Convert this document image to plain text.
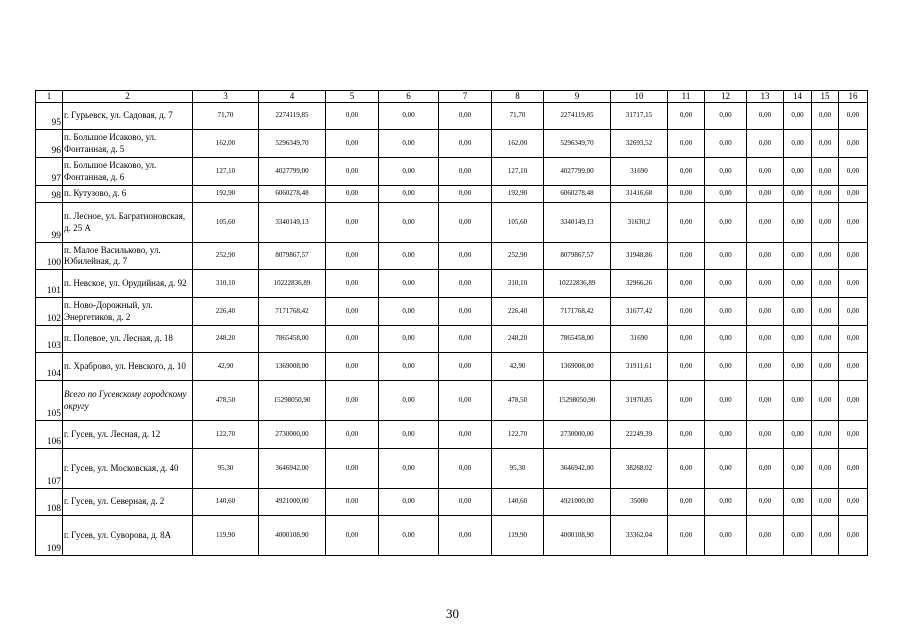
1	2	3	4	5	6	7	8	9	10	11	12	13	14	15	16
95	г. Гурьевск, ул. Садовая, д. 7	71,70	2274119,85	0,00	0,00	0,00	71,70	2274119,85	31717,15	0,00	0,00	0,00	0,00	0,00	0,00
96	п. Большое Исаково, ул. Фонтанная, д. 5	162,00	5296349,70	0,00	0,00	0,00	162,00	5296349,70	32693,52	0,00	0,00	0,00	0,00	0,00	0,00
97	п. Большое Исаково, ул. Фонтанная, д. 6	127,10	4027799,00	0,00	0,00	0,00	127,10	4027799,00	31690	0,00	0,00	0,00	0,00	0,00	0,00
98	п. Кутузово, д. 6	192,90	6060278,48	0,00	0,00	0,00	192,90	6060278,48	31416,68	0,00	0,00	0,00	0,00	0,00	0,00
99	п. Лесное, ул. Багратионовская, д. 25 А	105,60	3340149,13	0,00	0,00	0,00	105,60	3340149,13	31630,2	0,00	0,00	0,00	0,00	0,00	0,00
100	п. Малое Васильково, ул. Юбилейная, д. 7	252,90	8079867,57	0,00	0,00	0,00	252,90	8079867,57	31948,86	0,00	0,00	0,00	0,00	0,00	0,00
101	п. Невское, ул. Орудийная, д. 92	310,10	10222836,89	0,00	0,00	0,00	310,10	10222836,89	32966,26	0,00	0,00	0,00	0,00	0,00	0,00
102	п. Ново-Дорожный, ул. Энергетиков, д. 2	226,40	7171768,42	0,00	0,00	0,00	226,40	7171768,42	31677,42	0,00	0,00	0,00	0,00	0,00	0,00
103	п. Полевое, ул. Лесная, д. 18	248,20	7865458,00	0,00	0,00	0,00	248,20	7865458,00	31690	0,00	0,00	0,00	0,00	0,00	0,00
104	п. Храброво, ул. Невского, д. 10	42,90	1369008,00	0,00	0,00	0,00	42,90	1369008,00	31911,61	0,00	0,00	0,00	0,00	0,00	0,00
105	Всего по Гусевскому городскому округу	478,50	15298050,90	0,00	0,00	0,00	478,50	15298050,90	31970,85	0,00	0,00	0,00	0,00	0,00	0,00
106	г. Гусев, ул. Лесная, д. 12	122,70	2730000,00	0,00	0,00	0,00	122,70	2730000,00	22249,39	0,00	0,00	0,00	0,00	0,00	0,00
107	г. Гусев, ул. Московская, д. 40	95,30	3646942,00	0,00	0,00	0,00	95,30	3646942,00	38268,02	0,00	0,00	0,00	0,00	0,00	0,00
108	г. Гусев, ул. Северная, д. 2	140,60	4921000,00	0,00	0,00	0,00	140,60	4921000,00	35000	0,00	0,00	0,00	0,00	0,00	0,00
109	г. Гусев, ул. Суворова, д. 8А	119,90	4000108,90	0,00	0,00	0,00	119,90	4000108,90	33362,04	0,00	0,00	0,00	0,00	0,00	0,00
30
